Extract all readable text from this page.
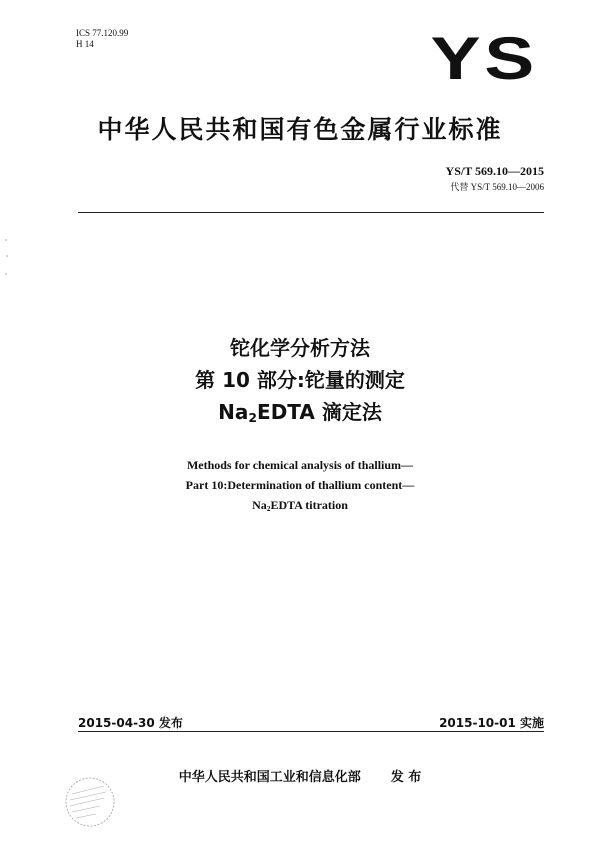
ICS 77.120.99
H 14	YS
中华人民共和国有色金属行业标准
YS/T 569.10—2015
代替 YS/T 569.10—2006
铊化学分析方法
第 10 部分:铊量的测定
Na2EDTA 滴定法
Methods for chemical analysis of thallium—
Part 10:Determination of thallium content—
Na2EDTA titration
2015-04-30 发布	2015-10-01 实施
中华人民共和国工业和信息化部 发 布
